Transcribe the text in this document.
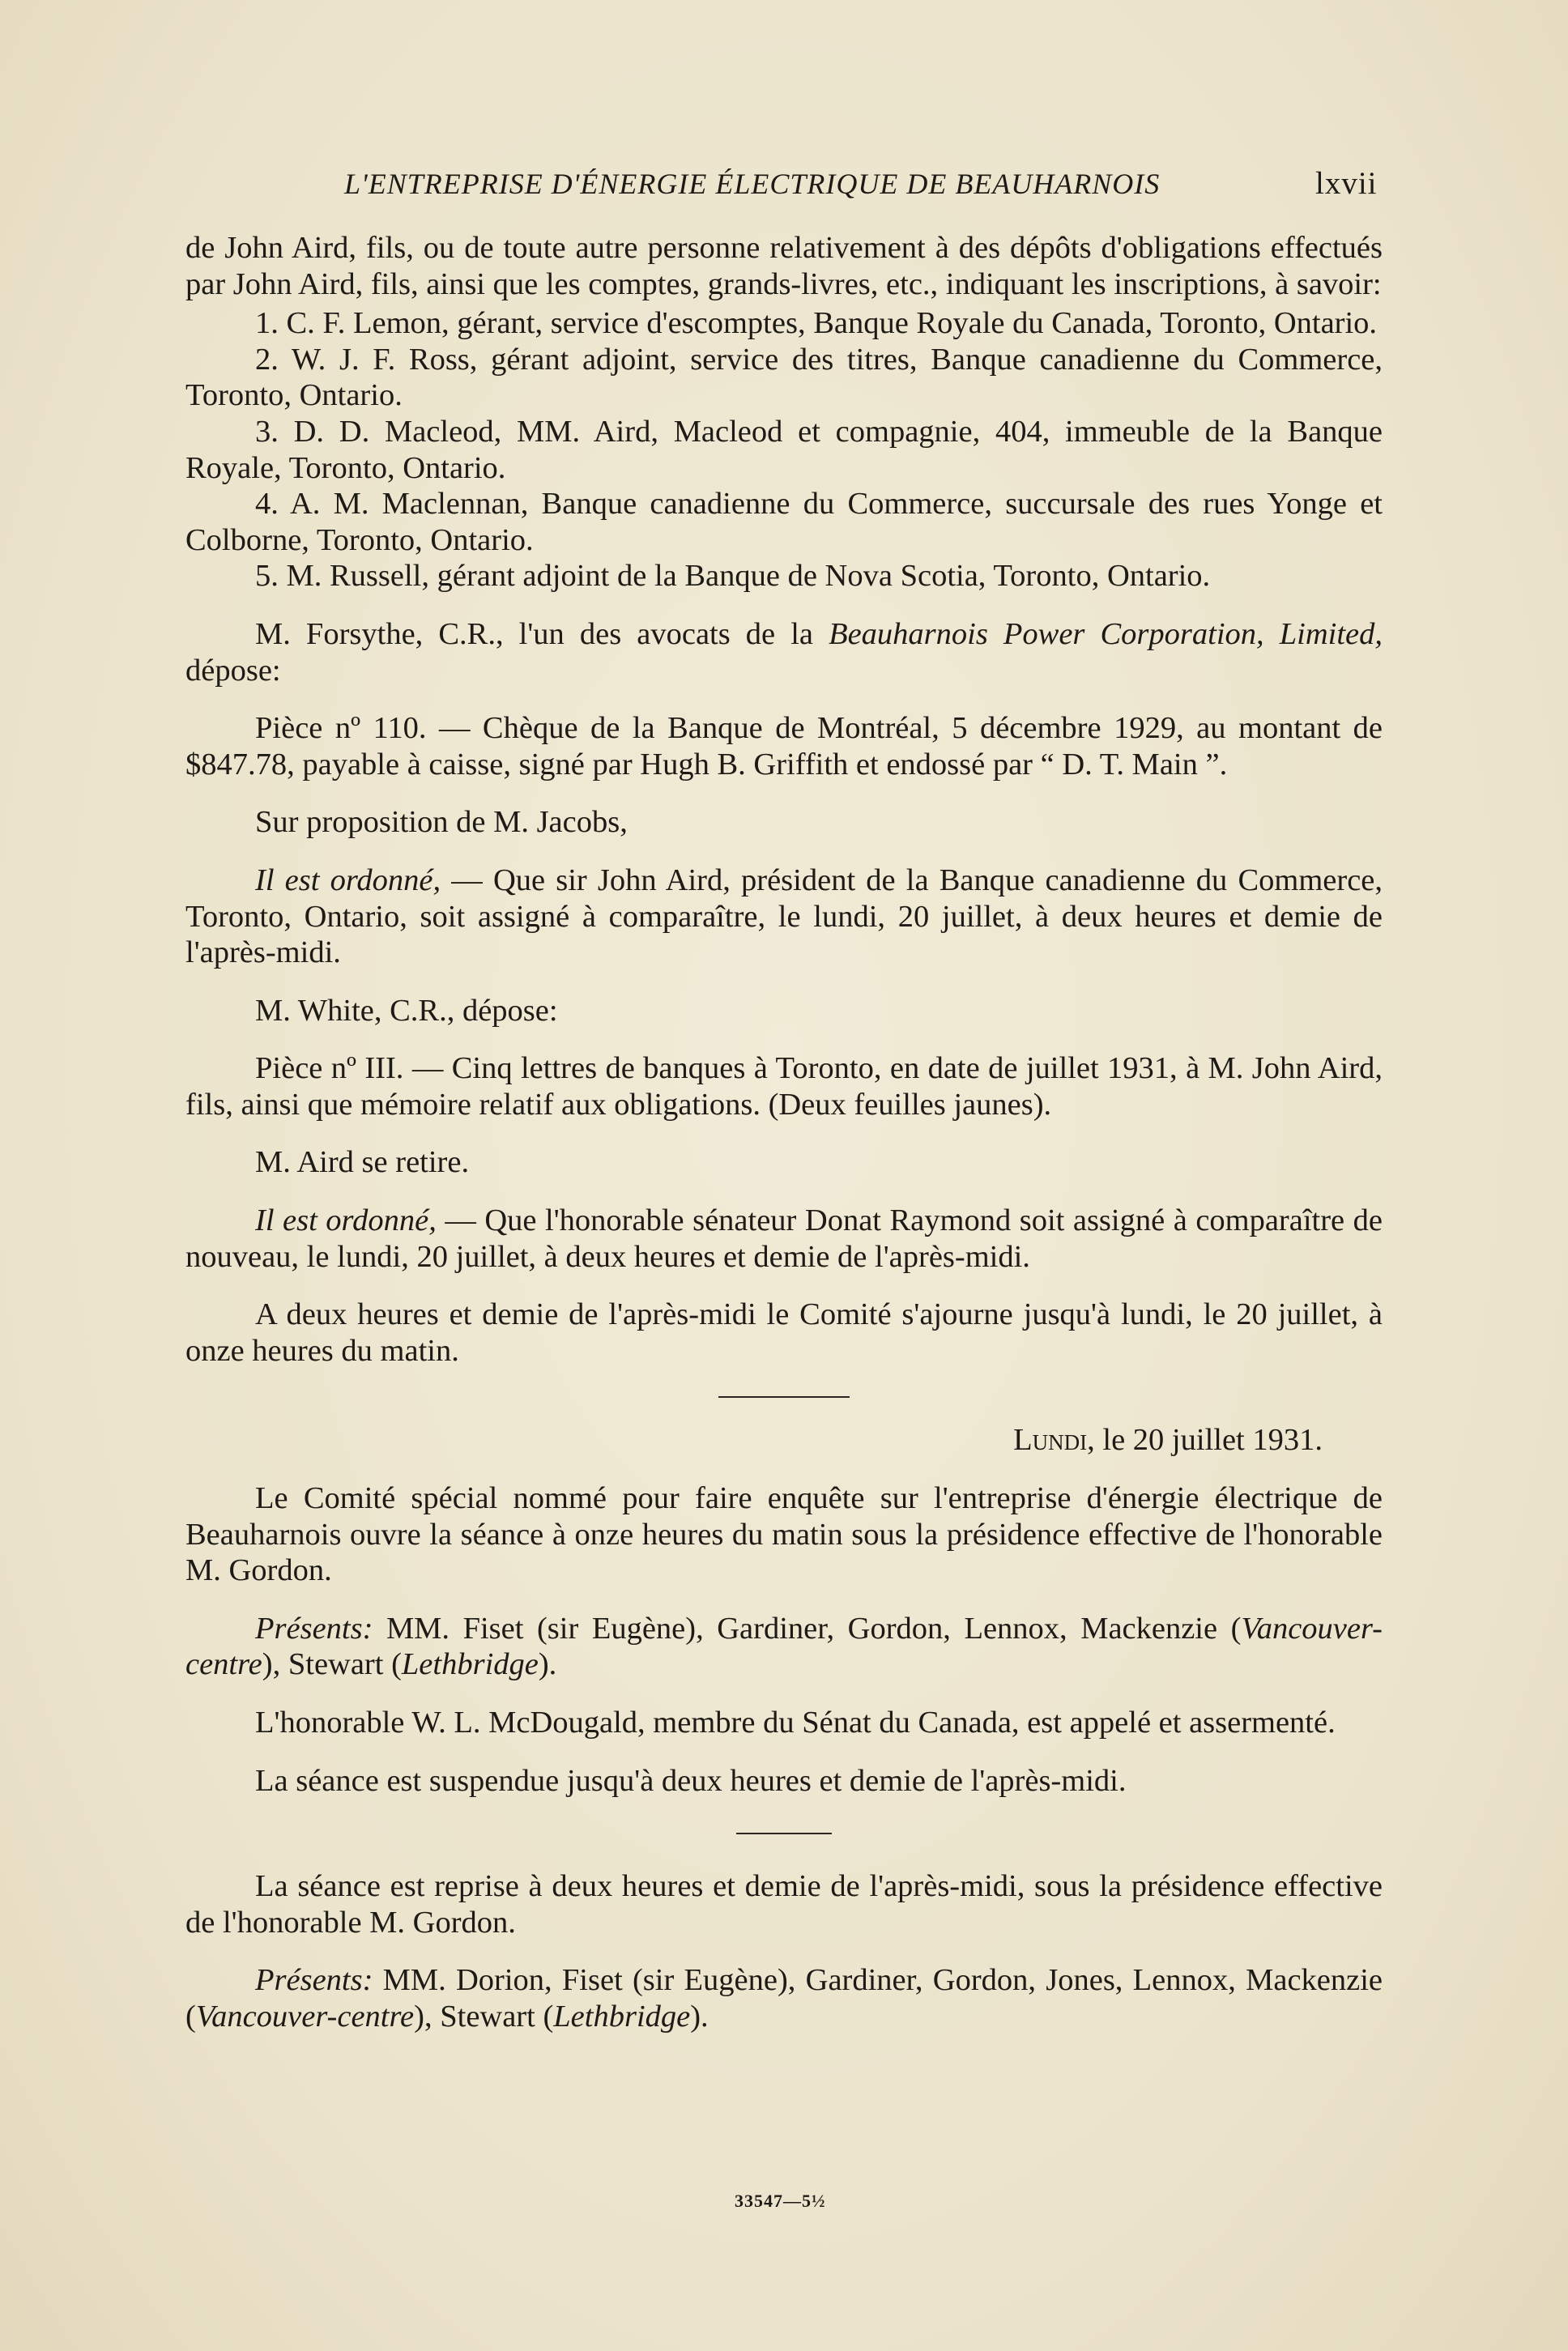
L'ENTREPRISE D'ÉNERGIE ÉLECTRIQUE DE BEAUHARNOIS	lxvii

de John Aird, fils, ou de toute autre personne relativement à des dépôts d'obligations effectués par John Aird, fils, ainsi que les comptes, grands-livres, etc., indiquant les inscriptions, à savoir:

1. C. F. Lemon, gérant, service d'escomptes, Banque Royale du Canada, Toronto, Ontario.

2. W. J. F. Ross, gérant adjoint, service des titres, Banque canadienne du Commerce, Toronto, Ontario.

3. D. D. Macleod, MM. Aird, Macleod et compagnie, 404, immeuble de la Banque Royale, Toronto, Ontario.

4. A. M. Maclennan, Banque canadienne du Commerce, succursale des rues Yonge et Colborne, Toronto, Ontario.

5. M. Russell, gérant adjoint de la Banque de Nova Scotia, Toronto, Ontario.

M. Forsythe, C.R., l'un des avocats de la Beauharnois Power Corporation, Limited, dépose:

Pièce nº 110. — Chèque de la Banque de Montréal, 5 décembre 1929, au montant de $847.78, payable à caisse, signé par Hugh B. Griffith et endossé par “ D. T. Main ”.

Sur proposition de M. Jacobs,

Il est ordonné, — Que sir John Aird, président de la Banque canadienne du Commerce, Toronto, Ontario, soit assigné à comparaître, le lundi, 20 juillet, à deux heures et demie de l'après-midi.

M. White, C.R., dépose:

Pièce nº III. — Cinq lettres de banques à Toronto, en date de juillet 1931, à M. John Aird, fils, ainsi que mémoire relatif aux obligations. (Deux feuilles jaunes).

M. Aird se retire.

Il est ordonné, — Que l'honorable sénateur Donat Raymond soit assigné à comparaître de nouveau, le lundi, 20 juillet, à deux heures et demie de l'après-midi.

A deux heures et demie de l'après-midi le Comité s'ajourne jusqu'à lundi, le 20 juillet, à onze heures du matin.

Lundi, le 20 juillet 1931.

Le Comité spécial nommé pour faire enquête sur l'entreprise d'énergie électrique de Beauharnois ouvre la séance à onze heures du matin sous la présidence effective de l'honorable M. Gordon.

Présents: MM. Fiset (sir Eugène), Gardiner, Gordon, Lennox, Mackenzie (Vancouver-centre), Stewart (Lethbridge).

L'honorable W. L. McDougald, membre du Sénat du Canada, est appelé et assermenté.

La séance est suspendue jusqu'à deux heures et demie de l'après-midi.

La séance est reprise à deux heures et demie de l'après-midi, sous la présidence effective de l'honorable M. Gordon.

Présents: MM. Dorion, Fiset (sir Eugène), Gardiner, Gordon, Jones, Lennox, Mackenzie (Vancouver-centre), Stewart (Lethbridge).

33547—5½
